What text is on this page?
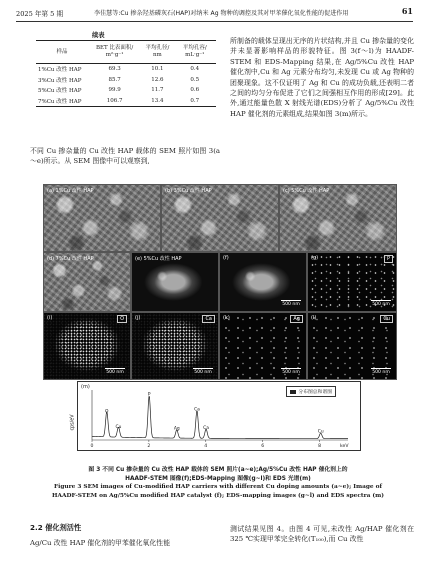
2025 年第 5 期	李佳慧等:Cu 掺杂羟基磷灰石(HAP)对纳米 Ag 物种的调控及其对甲苯催化氧化性能的促进作用	61
续表
样品	BET 比表面积/ m²·g⁻¹	平均孔径/ nm	平均孔容/ mL·g⁻¹
1%Cu 改性 HAP	69.3	10.1	0.4
3%Cu 改性 HAP	85.7	12.6	0.5
5%Cu 改性 HAP	99.9	11.7	0.6
7%Cu 改性 HAP	106.7	13.4	0.7
不同 Cu 掺杂量的 Cu 改性 HAP 载体的 SEM 照片如图 3(a～e)所示。从 SEM 图像中可以观察到,
所制备的载体呈现出无序的片状结构,并且 Cu 掺杂量的变化并未显著影响样品的形貌特征。图 3(f～l)为 HAADF-STEM 和 EDS-Mapping 结果,在 Ag/5%Cu 改性 HAP 催化剂中,Cu 和 Ag 元素分布均匀,未发现 Cu 或 Ag 物种的团聚现象。这不仅证明了 Ag 和 Cu 的成功负载,还表明二者之间的均匀分布促进了它们之间强相互作用的形成[29]。此外,通过能量色散 X 射线光谱(EDS)分析了 Ag/5%Cu 改性 HAP 催化剂的元素组成,结果如图 3(m)所示。
(a) 1%Cu 改性 HAP	(b) 3%Cu 改性 HAP	(c) 5%Cu 改性 HAP
(d) 7%Cu 改性 HAP	(e) 5%Cu 改性 HAP	(f)
500 nm
(g)	P
500 nm
(i)	O
500 nm
(j)	Ca
500 nm
(k)	Ag
500 nm
(l)	Cu
500 nm
(m)
分布图总和谱图
cps/eV
0	2	4	6	8	keV
O
Cu
P
Ag
Ca
Ca
Cu
图 3 不同 Cu 掺杂量的 Cu 改性 HAP 载体的 SEM 照片(a~e);Ag/5%Cu 改性 HAP 催化剂上的
HAADF-STEM 图像(f);EDS-Mapping 图像(g~l)和 EDS 光谱(m)
Figure 3 SEM images of Cu-modified HAP carriers with different Cu doping amounts (a~e); Image of
HAADF-STEM on Ag/5%Cu modified HAP catalyst (f); EDS-mapping images (g~l) and EDS spectra (m)
2.2 催化剂活性
Ag/Cu 改性 HAP 催化剂的甲苯催化氧化性能
测试结果见图 4。由图 4 可见,未改性 Ag/HAP 催化剂在 325 ℃实现甲苯完全转化(T₁₀₀),而 Cu 改性
